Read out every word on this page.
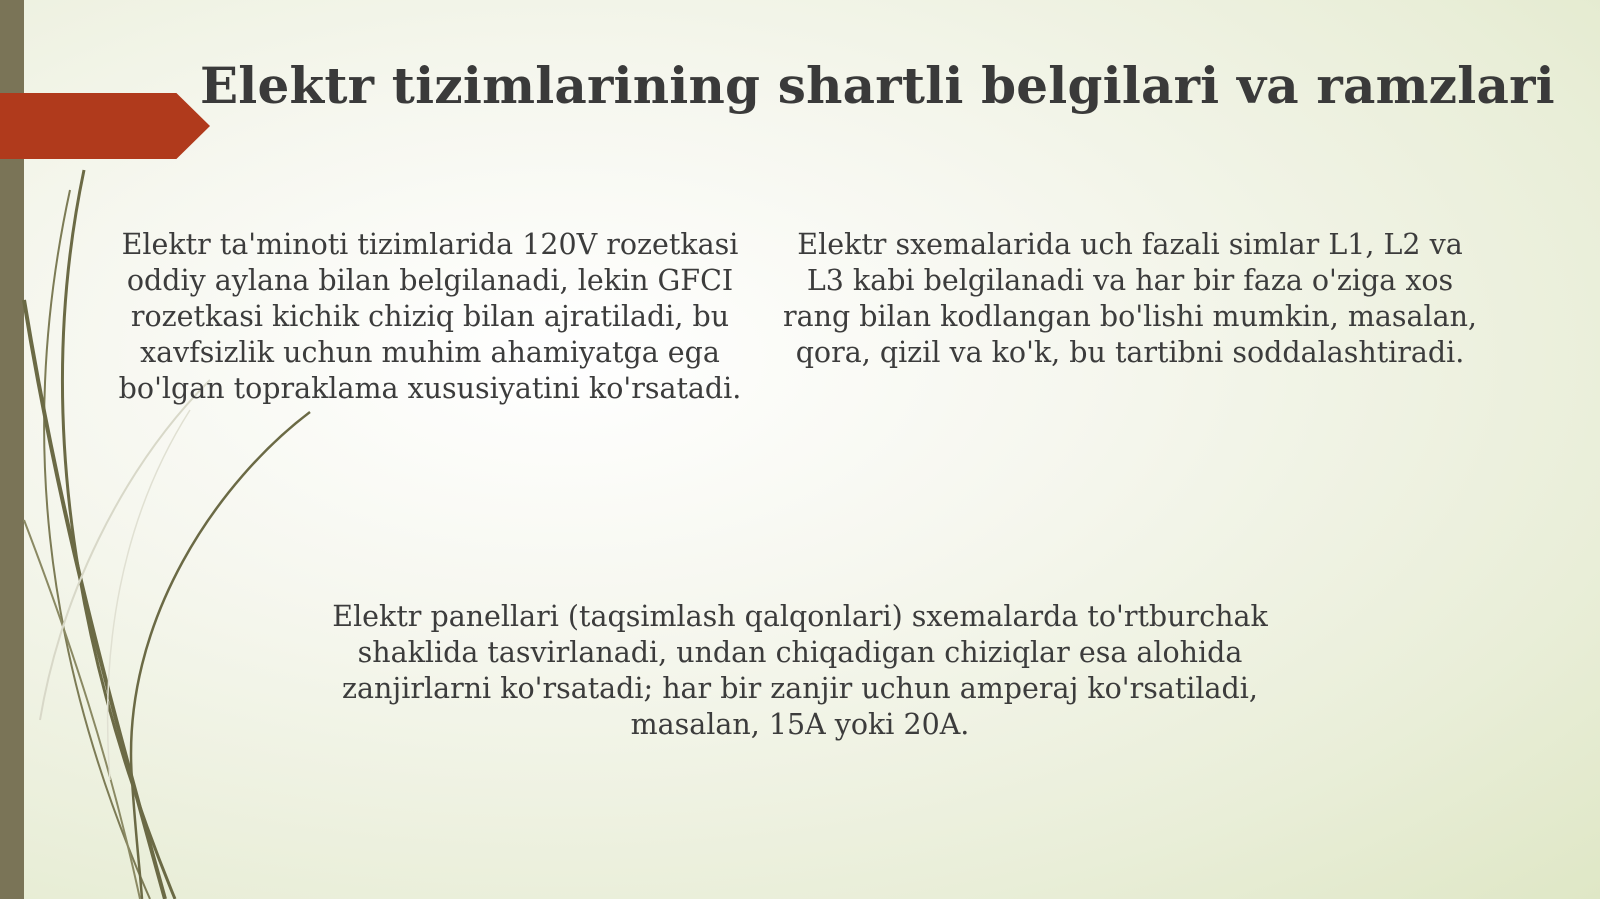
Elektr tizimlarining shartli belgilari va ramzlari
Elektr ta'minoti tizimlarida 120V rozetkasi oddiy aylana bilan belgilanadi, lekin GFCI rozetkasi kichik chiziq bilan ajratiladi, bu xavfsizlik uchun muhim ahamiyatga ega bo'lgan topraklama xususiyatini ko'rsatadi.
Elektr sxemalarida uch fazali simlar L1, L2 va L3 kabi belgilanadi va har bir faza o'ziga xos rang bilan kodlangan bo'lishi mumkin, masalan, qora, qizil va ko'k, bu tartibni soddalashtiradi.
Elektr panellari (taqsimlash qalqonlari) sxemalarda to'rtburchak shaklida tasvirlanadi, undan chiqadigan chiziqlar esa alohida zanjirlarni ko'rsatadi; har bir zanjir uchun amperaj ko'rsatiladi, masalan, 15A yoki 20A.
